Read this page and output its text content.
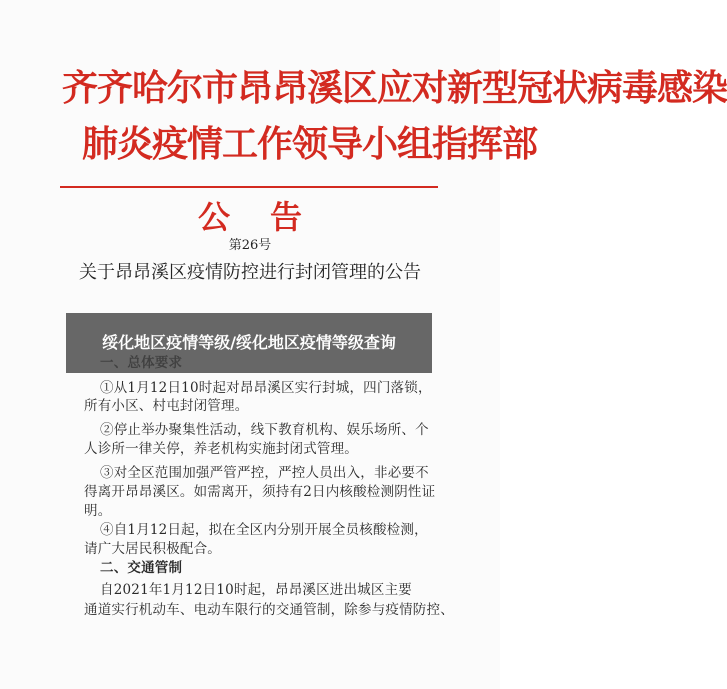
齐齐哈尔市昂昂溪区应对新型冠状病毒感染
肺炎疫情工作领导小组指挥部
公告
第26号
关于昂昂溪区疫情防控进行封闭管理的公告
①从1月12日10时起对昂昂溪区实行封城，四门落锁，
所有小区、村屯封闭管理。
②停止举办聚集性活动，线下教育机构、娱乐场所、个
人诊所一律关停，养老机构实施封闭式管理。
③对全区范围加强严管严控，严控人员出入，非必要不
得离开昂昂溪区。如需离开，须持有2日内核酸检测阴性证
明。
④自1月12日起，拟在全区内分别开展全员核酸检测，
请广大居民积极配合。
二、交通管制
自2021年1月12日10时起，昂昂溪区进出城区主要
通道实行机动车、电动车限行的交通管制，除参与疫情防控、
绥化地区疫情等级/绥化地区疫情等级查询
